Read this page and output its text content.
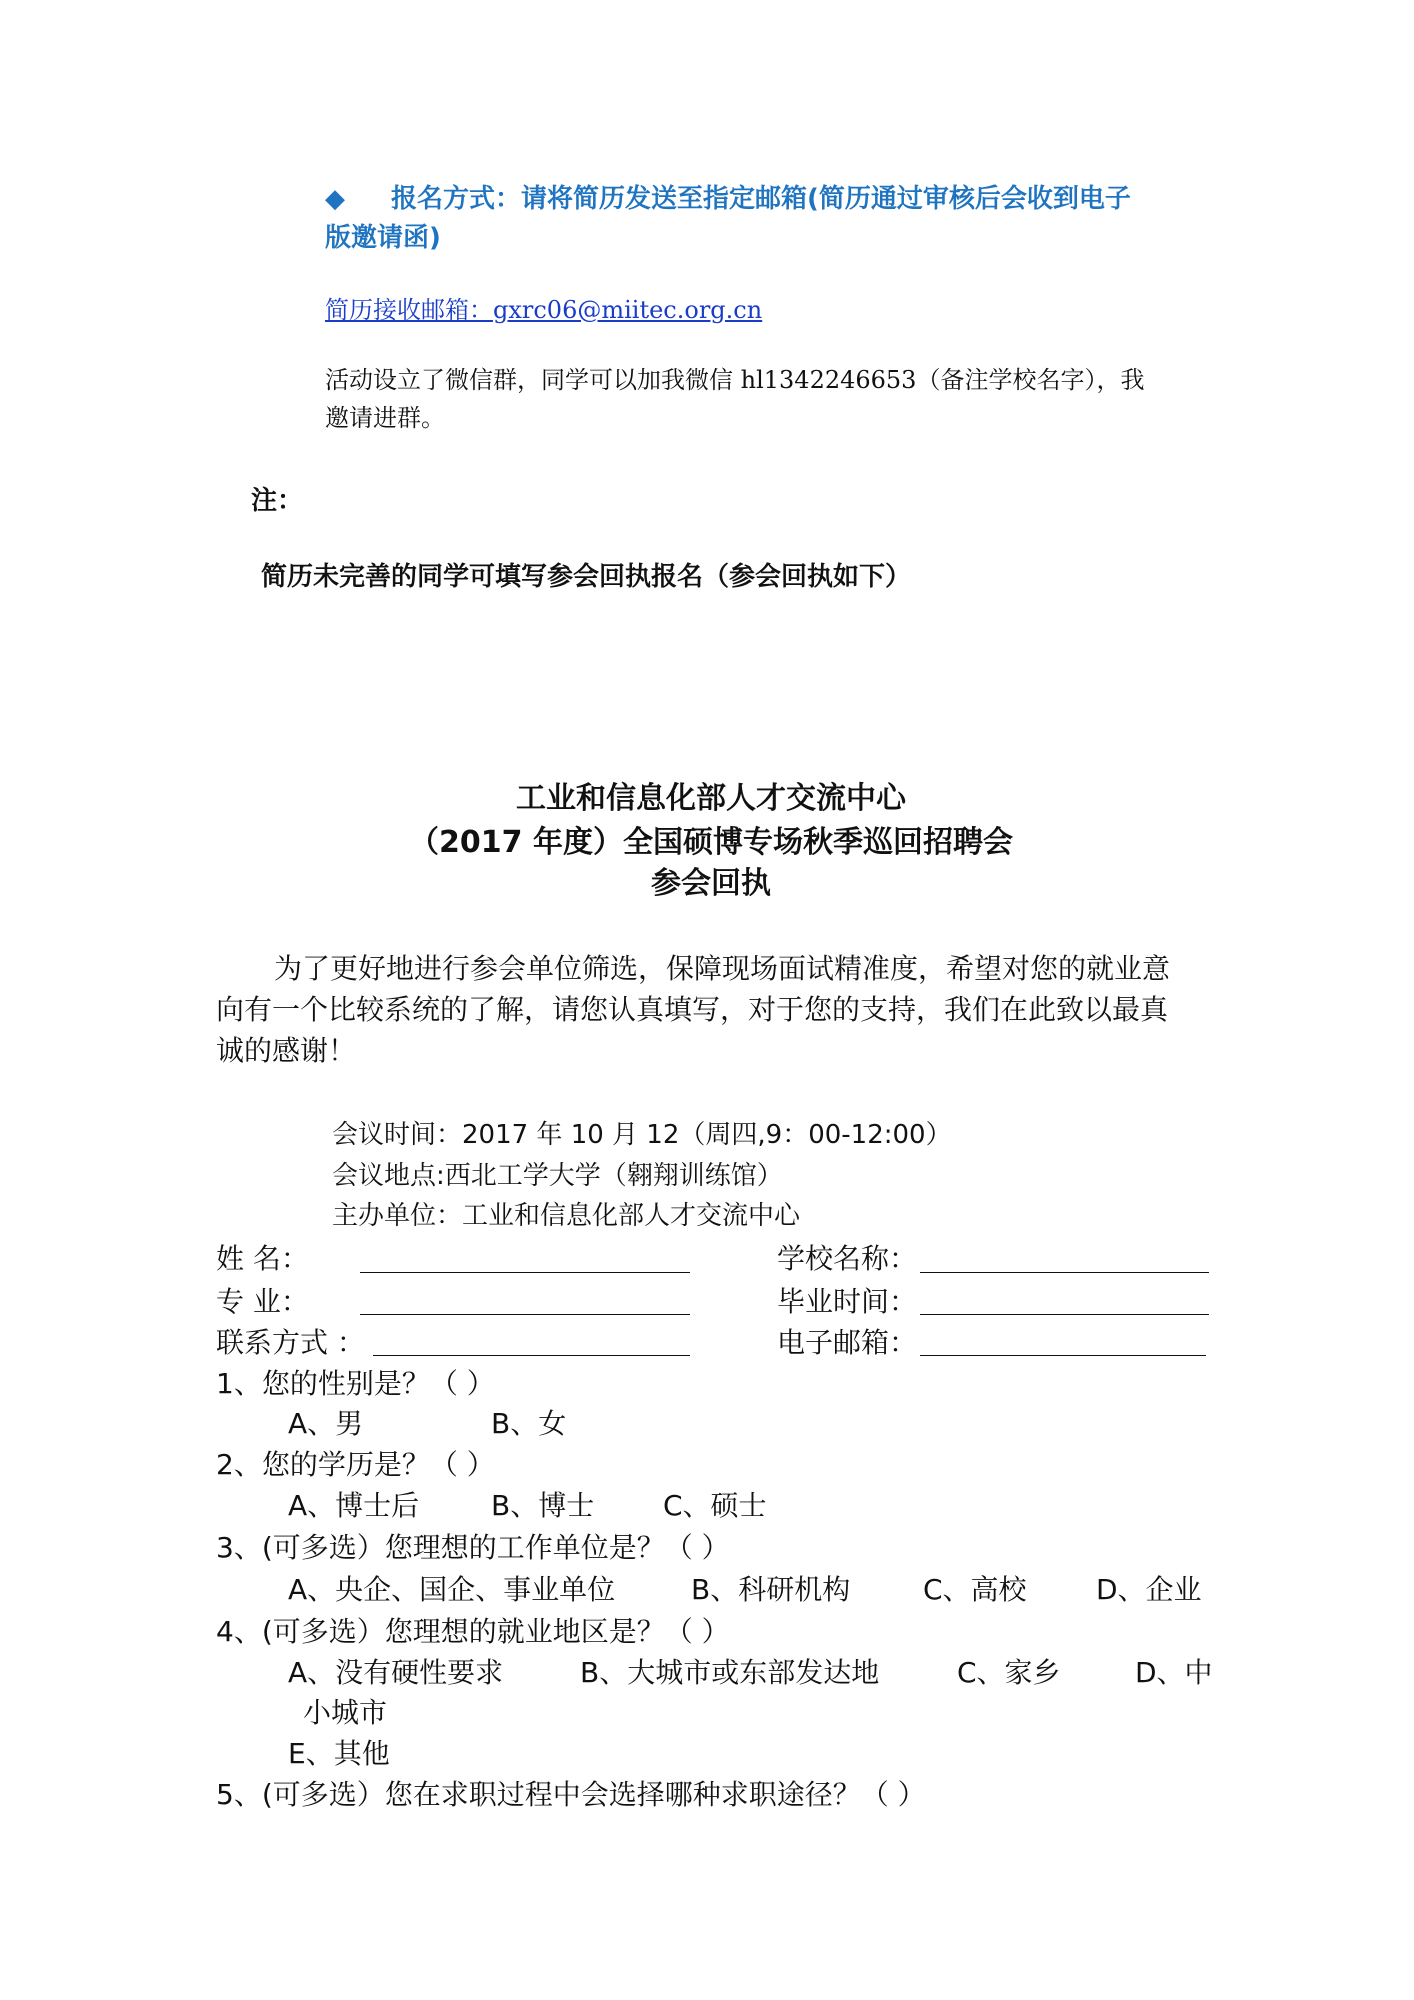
◆ 报名方式：请将简历发送至指定邮箱(简历通过审核后会收到电子
版邀请函)
简历接收邮箱：gxrc06@miitec.org.cn
活动设立了微信群，同学可以加我微信 hl1342246653（备注学校名字），我
邀请进群。
注：
简历未完善的同学可填写参会回执报名（参会回执如下）
工业和信息化部人才交流中心
（2017 年度）全国硕博专场秋季巡回招聘会
参会回执
为了更好地进行参会单位筛选，保障现场面试精准度，希望对您的就业意
向有一个比较系统的了解，请您认真填写，对于您的支持，我们在此致以最真
诚的感谢！
会议时间：2017 年 10 月 12（周四,9：00-12:00）
会议地点:西北工学大学（翱翔训练馆）
主办单位：工业和信息化部人才交流中心
姓 名：	学校名称：
专 业：	毕业时间：
联系方式 ：	电子邮箱：
1、您的性别是？（ ）
A、男	B、女
2、您的学历是？（ ）
A、博士后	B、博士 C、硕士
3、(可多选）您理想的工作单位是？（ ）
A、央企、国企、事业单位	B、科研机构	C、高校 D、企业
4、(可多选）您理想的就业地区是？（ ）
A、没有硬性要求	B、大城市或东部发达地	C、家乡	D、中
小城市
E、其他
5、(可多选）您在求职过程中会选择哪种求职途径？（ ）
